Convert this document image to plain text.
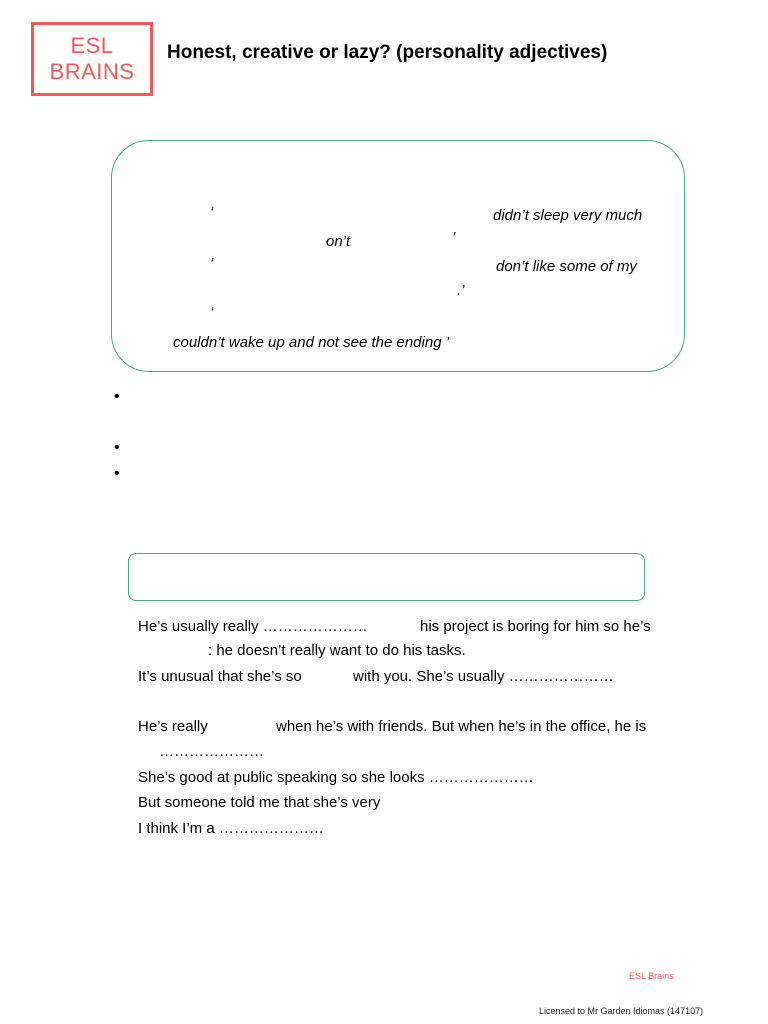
ESL
BRAINS
Honest, creative or lazy? (personality adjectives)
‘	didn’t sleep very much
on’t	’
‘	don’t like some of my
.’
‘
couldn’t wake up and not see the ending ’
•
•
•
He’s usually really …………………	his project is boring for him so he’s
: he doesn’t really want to do his tasks.
It’s unusual that she’s so	with you. She’s usually …………………
He’s really	when he’s with friends. But when he’s in the office, he is
…………………
She’s good at public speaking so she looks …………………
But someone told me that she’s very
I think I’m a …………………
ESL Brains
Licensed to Mr Garden Idiomas (147107)
